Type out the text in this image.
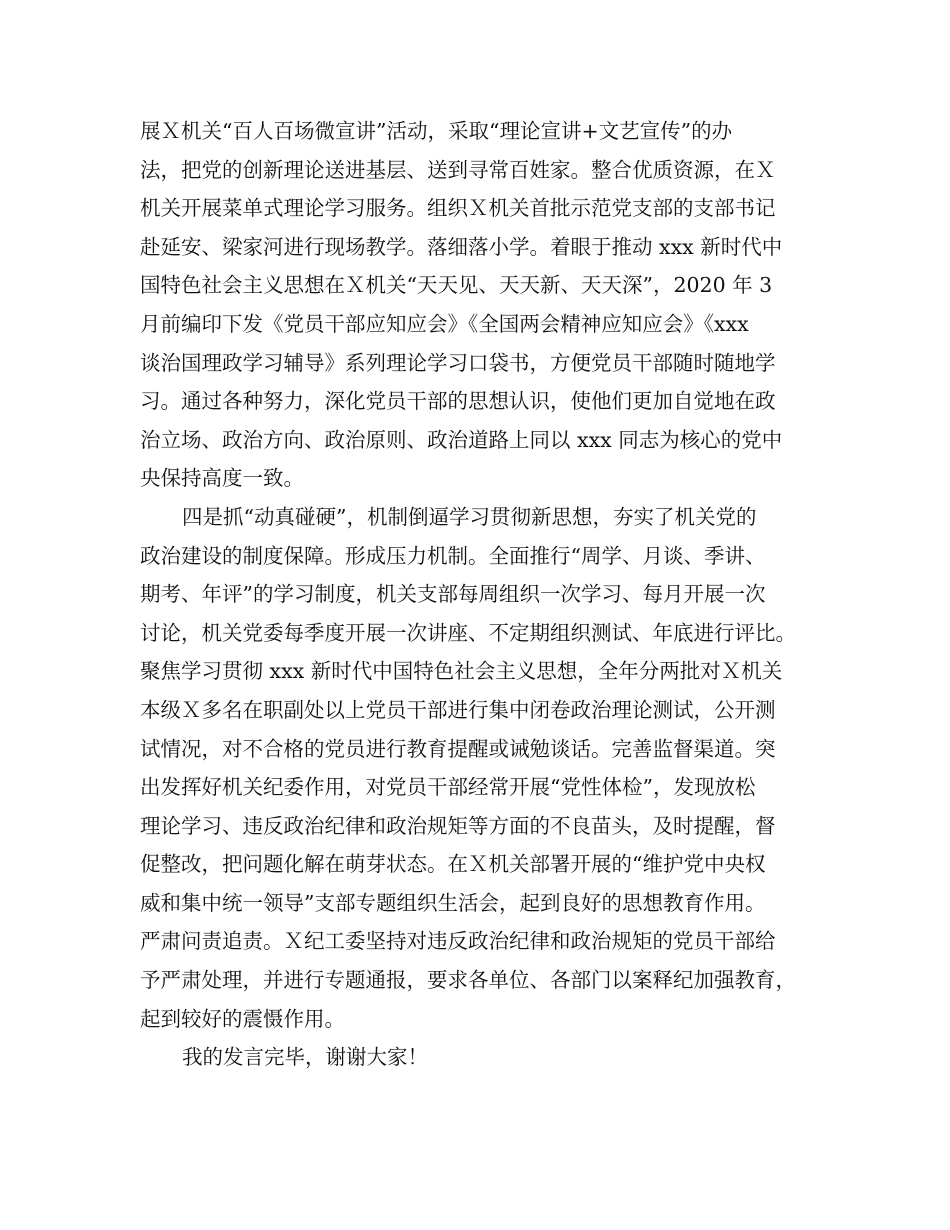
展Ｘ机关“百人百场微宣讲”活动，采取“理论宣讲+文艺宣传”的办
法，把党的创新理论送进基层、送到寻常百姓家。整合优质资源，在Ｘ
机关开展菜单式理论学习服务。组织Ｘ机关首批示范党支部的支部书记
赴延安、梁家河进行现场教学。落细落小学。着眼于推动 xxx 新时代中
国特色社会主义思想在Ｘ机关“天天见、天天新、天天深”，2020 年 3
月前编印下发《党员干部应知应会》《全国两会精神应知应会》《xxx
谈治国理政学习辅导》系列理论学习口袋书，方便党员干部随时随地学
习。通过各种努力，深化党员干部的思想认识，使他们更加自觉地在政
治立场、政治方向、政治原则、政治道路上同以 xxx 同志为核心的党中
央保持高度一致。
四是抓“动真碰硬”，机制倒逼学习贯彻新思想，夯实了机关党的
政治建设的制度保障。形成压力机制。全面推行“周学、月谈、季讲、
期考、年评”的学习制度，机关支部每周组织一次学习、每月开展一次
讨论，机关党委每季度开展一次讲座、不定期组织测试、年底进行评比。
聚焦学习贯彻 xxx 新时代中国特色社会主义思想，全年分两批对Ｘ机关
本级Ｘ多名在职副处以上党员干部进行集中闭卷政治理论测试，公开测
试情况，对不合格的党员进行教育提醒或诫勉谈话。完善监督渠道。突
出发挥好机关纪委作用，对党员干部经常开展“党性体检”，发现放松
理论学习、违反政治纪律和政治规矩等方面的不良苗头，及时提醒，督
促整改，把问题化解在萌芽状态。在Ｘ机关部署开展的“维护党中央权
威和集中统一领导”支部专题组织生活会，起到良好的思想教育作用。
严肃问责追责。Ｘ纪工委坚持对违反政治纪律和政治规矩的党员干部给
予严肃处理，并进行专题通报，要求各单位、各部门以案释纪加强教育，
起到较好的震慑作用。
我的发言完毕，谢谢大家！
